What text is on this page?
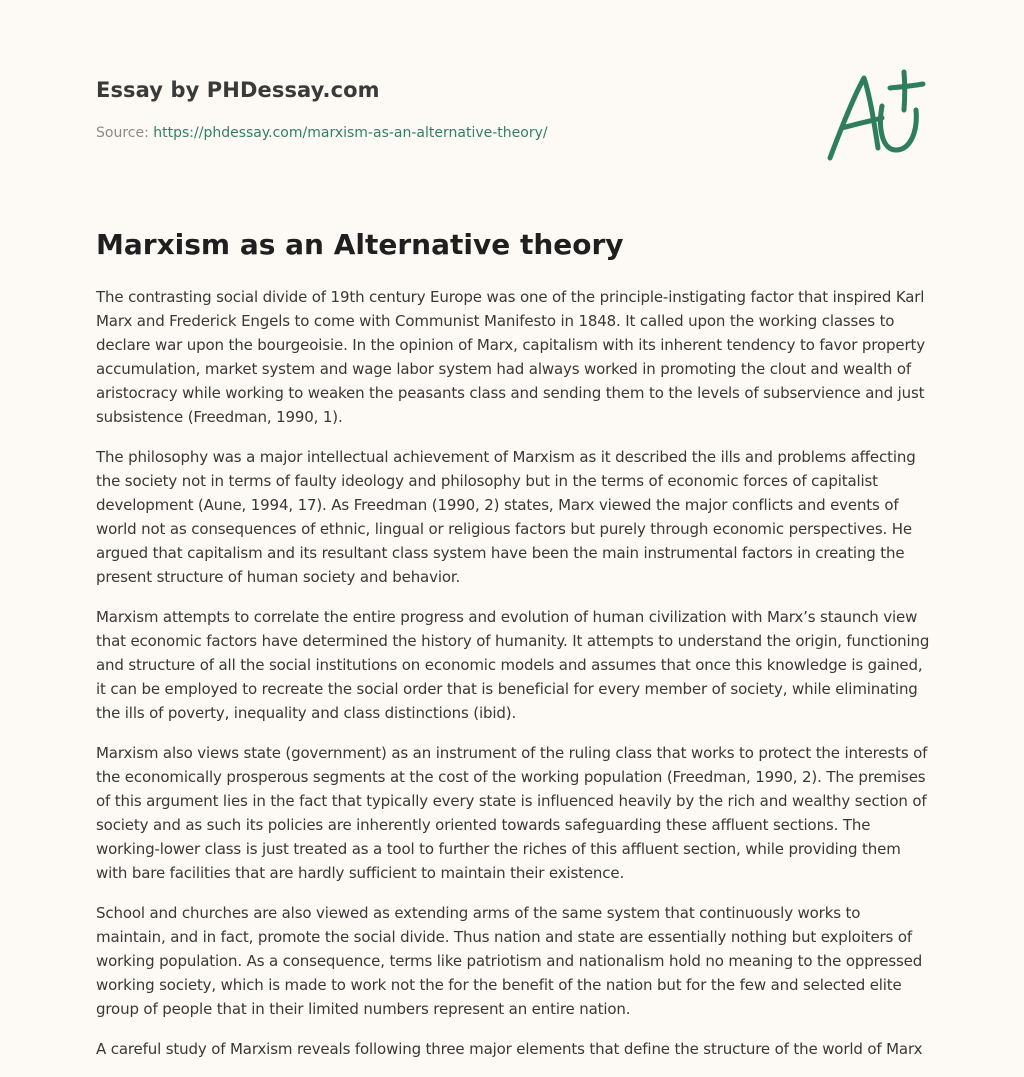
Essay by PHDessay.com
Source: https://phdessay.com/marxism-as-an-alternative-theory/
Marxism as an Alternative theory

The contrasting social divide of 19th century Europe was one of the principle-instigating factor that inspired Karl Marx and Frederick Engels to come with Communist Manifesto in 1848. It called upon the working classes to declare war upon the bourgeoisie. In the opinion of Marx, capitalism with its inherent tendency to favor property accumulation, market system and wage labor system had always worked in promoting the clout and wealth of aristocracy while working to weaken the peasants class and sending them to the levels of subservience and just subsistence (Freedman, 1990, 1).

The philosophy was a major intellectual achievement of Marxism as it described the ills and problems affecting the society not in terms of faulty ideology and philosophy but in the terms of economic forces of capitalist development (Aune, 1994, 17). As Freedman (1990, 2) states, Marx viewed the major conflicts and events of world not as consequences of ethnic, lingual or religious factors but purely through economic perspectives. He argued that capitalism and its resultant class system have been the main instrumental factors in creating the present structure of human society and behavior.

Marxism attempts to correlate the entire progress and evolution of human civilization with Marx’s staunch view that economic factors have determined the history of humanity. It attempts to understand the origin, functioning and structure of all the social institutions on economic models and assumes that once this knowledge is gained, it can be employed to recreate the social order that is beneficial for every member of society, while eliminating the ills of poverty, inequality and class distinctions (ibid).

Marxism also views state (government) as an instrument of the ruling class that works to protect the interests of the economically prosperous segments at the cost of the working population (Freedman, 1990, 2). The premises of this argument lies in the fact that typically every state is influenced heavily by the rich and wealthy section of society and as such its policies are inherently oriented towards safeguarding these affluent sections. The working-lower class is just treated as a tool to further the riches of this affluent section, while providing them with bare facilities that are hardly sufficient to maintain their existence.

School and churches are also viewed as extending arms of the same system that continuously works to maintain, and in fact, promote the social divide. Thus nation and state are essentially nothing but exploiters of working population. As a consequence, terms like patriotism and nationalism hold no meaning to the oppressed working society, which is made to work not the for the benefit of the nation but for the few and selected elite group of people that in their limited numbers represent an entire nation.

A careful study of Marxism reveals following three major elements that define the structure of the world of Marx
